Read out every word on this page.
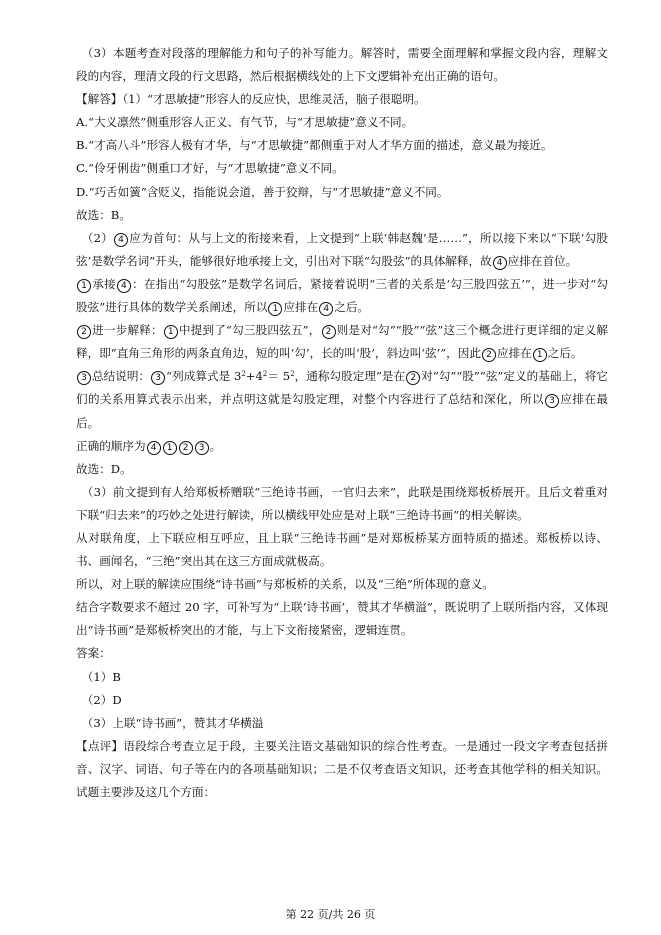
（3）本题考查对段落的理解能力和句子的补写能力。解答时，需要全面理解和掌握文段内容，理解文段的内容，理清文段的行文思路，然后根据横线处的上下文逻辑补充出正确的语句。

【解答】（1）“才思敏捷”形容人的反应快，思维灵活，脑子很聪明。

A.“大义凛然”侧重形容人正义、有气节，与“才思敏捷”意义不同。

B.“才高八斗”形容人极有才华，与“才思敏捷”都侧重于对人才华方面的描述，意义最为接近。

C.“伶牙俐齿”侧重口才好，与“才思敏捷”意义不同。

D.“巧舌如簧”含贬义，指能说会道，善于狡辩，与“才思敏捷”意义不同。

故选：B。

（2） 4 应为首句：从与上文的衔接来看，上文提到“上联‘韩赵魏’是……”，所以接下来以“下联‘勾股弦’是数学名词”开头，能够很好地承接上文，引出对下联“勾股弦”的具体解释，故 4 应排在首位。

1 承接 4 ：在指出“勾股弦”是数学名词后，紧接着说明“三者的关系是‘勾三股四弦五’”，进一步对“勾股弦”进行具体的数学关系阐述，所以 1 应排在 4 之后。

2 进一步解释： 1 中提到了“勾三股四弦五”， 2 则是对“勾”“股”“弦”这三个概念进行更详细的定义解释，即“直角三角形的两条直角边，短的叫‘勾’，长的叫‘股’，斜边叫‘弦’”，因此 2 应排在 1 之后。

3 总结说明： 3 “列成算式是 $3^2+4^2= 5^2$，通称勾股定理”是在 2 对“勾”“股”“弦”定义的基础上，将它们的关系用算式表示出来，并点明这就是勾股定理，对整个内容进行了总结和深化，所以 3 应排在最后。

正确的顺序为 4 1 2 3 。

故选：D。

（3）前文提到有人给郑板桥赠联“三绝诗书画，一官归去来”，此联是围绕郑板桥展开。且后文着重对下联“归去来”的巧妙之处进行解读，所以横线甲处应是对上联“三绝诗书画”的相关解读。

从对联角度，上下联应相互呼应，且上联“三绝诗书画”是对郑板桥某方面特质的描述。郑板桥以诗、书、画闻名，“三绝”突出其在这三方面成就极高。

所以，对上联的解读应围绕“诗书画”与郑板桥的关系，以及“三绝”所体现的意义。

结合字数要求不超过 20 字，可补写为“上联‘诗书画’，赞其才华横溢”，既说明了上联所指内容，又体现出“诗书画”是郑板桥突出的才能，与上下文衔接紧密，逻辑连贯。

答案：

（1）B

（2）D

（3）上联“诗书画”，赞其才华横溢

【点评】语段综合考查立足于段，主要关注语文基础知识的综合性考查。一是通过一段文字考查包括拼音、汉字、词语、句子等在内的各项基础知识；二是不仅考查语文知识，还考查其他学科的相关知识。试题主要涉及这几个方面：

第 22 页/共 26 页
